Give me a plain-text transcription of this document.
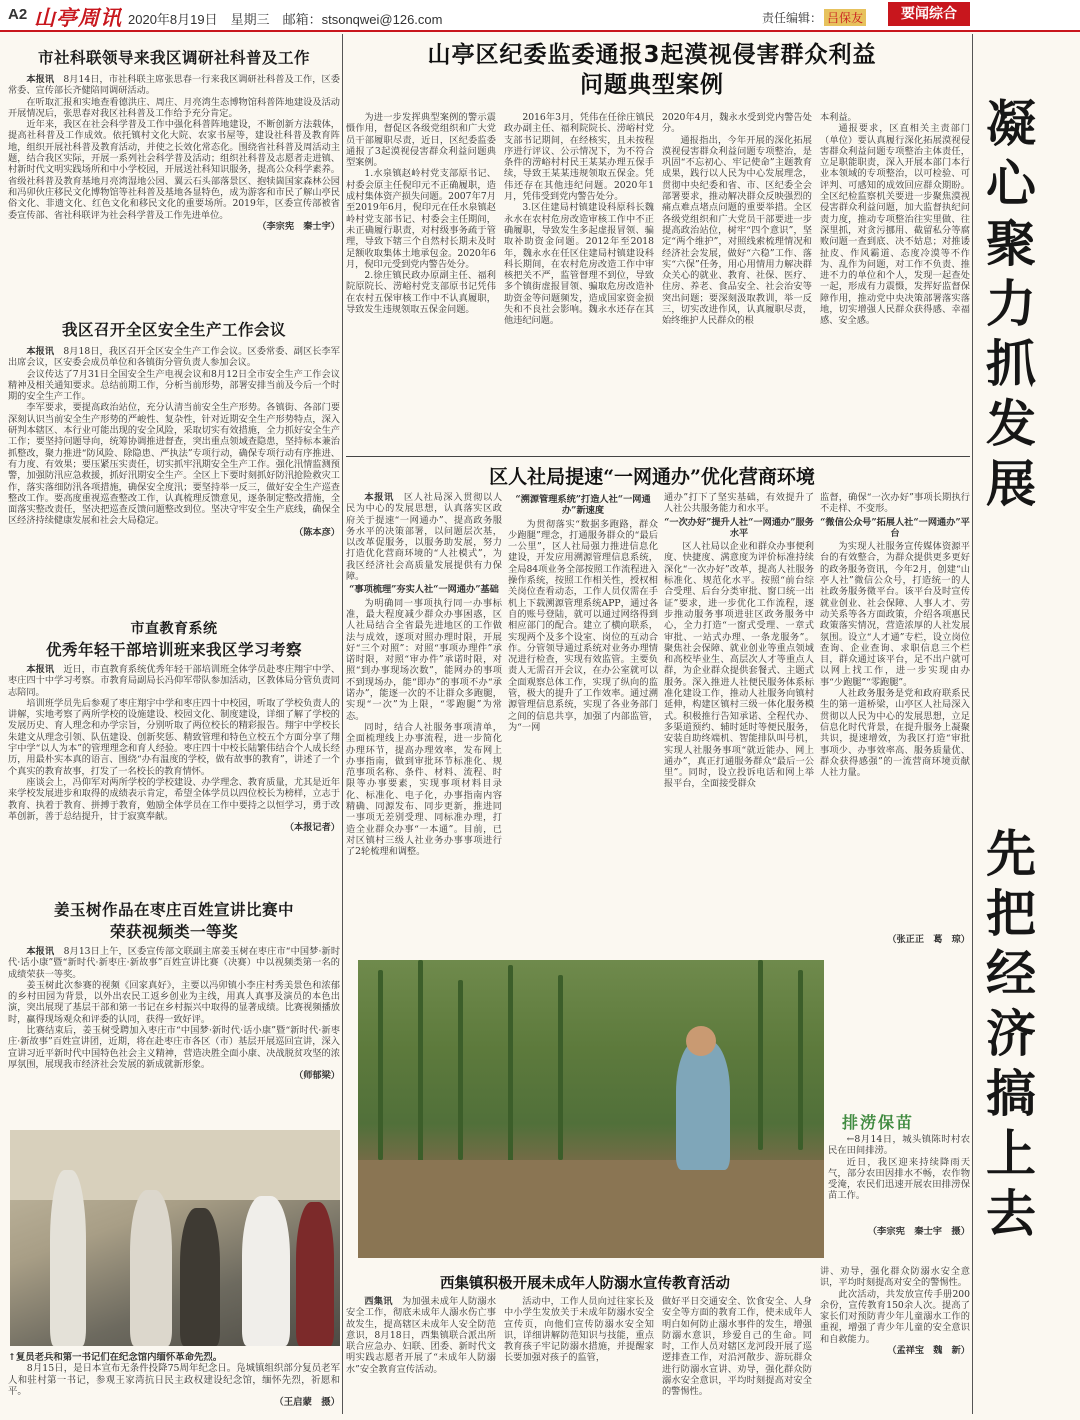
A2 山亭周讯 2020年8月19日　星期三　邮箱：stsonqwei@126.com	责任编辑： 吕保友	要闻综合
市社科联领导来我区调研社科普及工作

本报讯　 8月14日，市社科联主席张思春一行来我区调研社科普及工作，区委常委、宣传部长齐健陪同调研活动。

在听取汇报和实地查看德洪庄、周庄、月亮湾生态博物馆科普阵地建设及活动开展情况后，张思春对我区社科普及工作给予充分肯定。

近年来，我区在社会科学普及工作中强化科普阵地建设，不断创新方法载体，提高社科普及工作成效。依托镇村文化大院、农家书屋等，建设社科普及教育阵地，组织开展社科普及教育活动，并使之长效化常态化。围绕省社科普及周活动主题，结合我区实际，开展一系列社会科学普及活动；组织社科普及志愿者走进镇、村新时代文明实践场所和中小学校园，开展送社科知识服务，提高公众科学素养。省级社科普及教育基地月亮湾湿地公园、翼云石头部落景区、抱犊崮国家森林公园和冯卯伙庄移民文化博物馆等社科普及基地各显特色，成为游客和市民了解山亭民俗文化、非遗文化、红色文化和移民文化的重要场所。2019年，区委宣传部被省委宣传部、省社科联评为社会科学普及工作先进单位。

（李宗宪　秦士宇）

我区召开全区安全生产工作会议

本报讯　 8月18日，我区召开全区安全生产工作会议。区委常委、副区长李军出席会议，区安委会成员单位和各镇街分管负责人参加会议。

会议传达了7月31日全国安全生产电视会议和8月12日全市安全生产工作会议精神及相关通知要求。总结前期工作，分析当前形势，部署安排当前及今后一个时期的安全生产工作。

李军要求，要提高政治站位，充分认清当前安全生产形势。各镇街、各部门要深刻认识当前安全生产形势的严峻性、复杂性，针对近期安全生产形势特点，深入研判本辖区、本行业可能出现的安全风险，采取切实有效措施，全力抓好安全生产工作；要坚持问题导向，统筹协调推进督查，突出重点领域查隐患，坚持标本兼治抓整改，聚力推进“防风险、除隐患、严执法”专项行动，确保专项行动有序推进、有力度、有效果；要压紧压实责任，切实抓牢汛期安全生产工作。强化汛情监测预警，加强防汛应急救援，抓好汛期安全生产。全区上下要时刻抓好防汛抢险救灾工作，落实落细防汛各项措施，确保安全度汛；要坚持举一反三，做好安全生产巡查整改工作。要高度重视巡查整改工作，认真梳理反馈意见，逐条制定整改措施，全面落实整改责任，坚决把巡查反馈问题整改到位。坚决守牢安全生产底线，确保全区经济持续健康发展和社会大局稳定。

（陈本彦）

市直教育系统
优秀年轻干部培训班来我区学习考察

本报讯　 近日，市直教育系统优秀年轻干部培训班全体学员赴枣庄翔宇中学、枣庄四十中学习考察。市教育局副局长冯仰军带队参加活动，区教体局分管负责同志陪同。

培训班学员先后参观了枣庄翔宇中学和枣庄四十中校园，听取了学校负责人的讲解，实地考察了两所学校的设施建设、校园文化、制度建设，详细了解了学校的发展历史、育人理念和办学宗旨，分别听取了两位校长的精彩报告。翔宇中学校长朱建文从理念引领、队伍建设、创新奖惩、精致管理和特色立校五个方面分享了翔宇中学“以人为本”的管理理念和育人经验。枣庄四十中校长陆繁伟结合个人成长经历，用最朴实本真的语言、围绕“办有温度的学校，做有故事的教育”，讲述了一个个真实的教育故事，打发了一名校长的教育情怀。

座谈会上，冯仰军对两所学校的学校建设、办学理念、教育质量，尤其是近年来学校发展进步和取得的成绩表示肯定，希望全体学员以四位校长为榜样，立志于教育、执着于教育、拼搏于教育，勉励全体学员在工作中要持之以恒学习，勇于改革创新，善于总结提升，甘于寂寞奉献。

（本报记者）

姜玉树作品在枣庄百姓宣讲比赛中
荣获视频类一等奖

本报讯　 8月13日上午，区委宣传部文联副主席姜玉树在枣庄市“中国梦·新时代·话小康”暨“新时代·新枣庄·新故事”百姓宣讲比赛（决赛）中以视频类第一名的成绩荣获一等奖。

姜玉树此次参赛的视频《回家真好》，主要以冯卯镇小李庄村秀美景色和浓郁的乡村田园为背景，以外出农民工返乡创业为主线，用真人真事及演员的本色出演，突出展现了基层干部和第一书记在乡村振兴中取得的显著成绩。比赛视频播放时，赢得现场观众和评委的认同，获得一致好评。

比赛结束后，姜玉树受聘加入枣庄市“中国梦·新时代·话小康”暨“新时代·新枣庄·新故事”百姓宣讲团，近期，将在赴枣庄市各区（市）基层开展巡回宣讲，深入宣讲习近平新时代中国特色社会主义精神，营造决胜全面小康、决战脱贫攻坚的浓厚氛围，展现我市经济社会发展的新成就新形象。

（师郁梁）

↑复员老兵和第一书记们在纪念馆内缅怀革命先烈。

8月15日，是日本宣布无条件投降75周年纪念日。凫城镇组织部分复员老军人和驻村第一书记，参观王家湾抗日民主政权建设纪念馆，缅怀先烈，祈愿和平。

（王启蒙　摄）

山亭区纪委监委通报3起漠视侵害群众利益
问题典型案例

为进一步发挥典型案例的警示震慑作用，督促区各级党组织和广大党员干部履职尽责，近日，区纪委监委通报了3起漠视侵害群众利益问题典型案例。

1.水泉镇赵岭村党支部原书记、村委会原主任倪印元不正确履职，造成村集体资产损失问题。2007年7月至2019年6月，倪印元在任水泉镇赵岭村党支部书记、村委会主任期间，未正确履行职责，对村级事务疏于管理，导致下辖三个自然村长期未及时足额收取集体土地承包金。2020年6月，倪印元受到党内警告处分。

2.徐庄镇民政办原副主任、福利院原院长、涝峪村党支部原书记凭伟在农村五保审核工作中不认真履职，导致发生违规领取五保金问题。

2016年3月，凭伟在任徐庄镇民政办副主任、福利院院长、涝峪村党支部书记期间，在经核实，且未按程序进行评议、公示情况下，为不符合条件的涝峪村村民王某某办理五保手续，导致王某某违规领取五保金。凭伟还存在其他违纪问题。2020年1月，凭伟受到党内警告处分。

3.区住建局村镇建设科原科长魏永水在农村危房改造审核工作中不正确履职，导致发生多起虚报冒领、骗取补助资金问题。2012年至2018年，魏永水在任区住建局村镇建设科科长期间，在农村危房改造工作中审核把关不严，监管督理不到位，导致多个镇街虚报冒领、骗取危房改造补助资金等问题频发，造成国家资金损失和不良社会影响。魏永水还存在其他违纪问题。

2020年4月，魏永水受到党内警告处分。

通报指出，今年开展的深化拓展漠视侵害群众利益问题专项整治，是巩固“不忘初心、牢记使命”主题教育成果，践行以人民为中心发展理念，贯彻中央纪委和省、市、区纪委全会部署要求，推动解决群众反映强烈的痛点难点堵点问题的重要举措。全区各级党组织和广大党员干部要进一步提高政治站位，树牢“四个意识”，坚定“两个维护”，对照线索梳理情况和经济社会发展，做好“六稳”工作、落实“六保”任务，用心用情用力解决群众关心的就业、教育、社保、医疗、住房、养老、食品安全、社会治安等突出问题；要深刻汲取教训，举一反三，切实改进作风，认真履职尽责，始终维护人民群众的根

本利益。

通报要求，区直相关主责部门（单位）要认真履行深化拓展漠视侵害群众利益问题专项整治主体责任，立足职能职责，深入开展本部门本行业本领域的专项整治，以可检验、可评判、可感知的成效回应群众期盼。全区纪检监察机关要进一步聚焦漠视侵害群众利益问题，加大监督执纪问责力度，推动专项整治往实里做、往深里抓，对贪污挪用、截留私分等腐败问题一查到底、决不姑息；对推诿扯皮、作风霸道、态度冷漠等不作为、乱作为问题，对工作不负责、推进不力的单位和个人，发现一起查处一起，形成有力震慑，发挥好监督保障作用，推动党中央决策部署落实落地，切实增强人民群众获得感、幸福感、安全感。

区人社局提速“一网通办”优化营商环境

本报讯　 区人社局深入贯彻以人民为中心的发展思想，认真落实区政府关于提速“一网通办”、提高政务服务水平的决策部署，以问题层次基，以改革促服务，以服务助发展，努力打造优化营商环境的“人社模式”，为我区经济社会高质量发展提供有力保障。

“事项梳理”夯实人社“一网通办”基础

为明确同一事项执行同一办事标准，最大程度减少群众办事困惑，区人社局结合全省最先进地区的工作做法与成效，逐项对照办理时限，开展好“三个对照”：对照“事项办理件”承诺时限，对照“审办件”承诺时限，对照“到办事现场次数”，能网办的事项不到现场办，能“即办”的事项不办“承诺办”，能逐一次的不让群众多跑腿，实现“一次”为上限，“零跑腿”为常态。

同时，结合人社服务事项清单，全面梳理线上办事流程，进一步简化办理环节，提高办理效率，发布网上办事指南，做到审批环节标准化、规范事项名称、条件、材料、流程、时限等办事要素，实现事项材料目录化、标准化、电子化，办事指南内容精确、同源发布、同步更新，推进同一事项无差别受理、同标准办理，打造全业群众办事“一本通”。目前，已对区镇村三级人社业务办事事项进行了2轮梳理和调整。

“溯源管理系统”打造人社“一网通办”新速度

为贯彻落实“数据多跑路，群众少跑腿”理念，打通服务群众的“最后一公里”，区人社局强力推进信息化建设，开发应用溯源管理信息系统，全局84项业务全部按照工作流程进入操作系统，按照工作相关性，授权相关岗位查看动态，工作人员仅需在手机上下载溯源管理系统APP，通过各自的账号登陆，就可以通过网络得到相应部门的配合。建立了横向联系，实现两个及多个设室、岗位的互动合作。分管领导通过系统对业务办理情况进行检查，实现有效监管。主要负责人无需召开会议，在办公室就可以全面观察总体工作，实现了纵向的监管，极大的提升了工作效率。通过溯源管理信息系统，实现了各业务部门之间的信息共享，加强了内部监管，为“一网

通办”打下了坚实基础，有效提升了人社公共服务能力和水平。

“一次办好”提升人社“一网通办”服务水平

区人社局以企业和群众办事便利度、快捷度、满意度为评价标准持续深化“一次办好”改革，提高人社服务标准化、规范化水平。按照“前台综合受理、后台分类审批、窗口统一出证”要求，进一步优化工作流程，逐步推动服务事项进驻区政务服务中心，全力打造“一窗式受理、一章式审批、一站式办理、一条龙服务”。聚焦社会保障、就业创业等重点领域和高校毕业生、高层次人才等重点人群，为企业群众提供套餐式、主题式服务。深入推进人社便民服务体系标准化建设工作，推动人社服务向镇村延伸，构建区镇村三级一体化服务模式。积极推行告知承诺、全程代办、多渠道预约、辅时延时等便民服务，安装自助终端机、智能排队叫号机，实现人社服务事项“就近能办、网上通办”，真正打通服务群众“最后一公里”。同时，设立投诉电话和网上举报平台，全面接受群众

监督，确保“一次办好”事项长期执行不走样、不变形。

“微信公众号”拓展人社“一网通办”平台

为实现人社服务宣传媒体资源平台的有效整合，为群众提供更多更好的政务服务资讯，今年2月，创建“山亭人社”微信公众号，打造统一的人社政务服务微平台。该平台及时宣传就业创业、社会保障、人事人才、劳动关系等各方面政策，介绍各项惠民政策落实情况，营造浓厚的人社发展氛围。设立“人才通”专栏，设立岗位查询、企业查询、求职信息三个栏目，群众通过该平台，足不出户就可以网上找工作，进一步实现由办事“少跑腿”“零跑腿”。

人社政务服务是党和政府联系民生的第一道桥梁，山亭区人社局深入贯彻以人民为中心的发展思想，立足信息化时代背景，在提升服务上凝聚共识，提速增效，为我区打造“审批事项少、办事效率高、服务质量优、群众获得感强”的一流营商环境贡献人社力量。

（张正正　葛　琼）

排涝保苗

←8月14日，城头镇陈时村农民在田间排涝。

近日，我区迎来持续降雨天气，部分农田因排水不畅，农作物受淹，农民们迅速开展农田排涝保苗工作。

（李宗宪　秦士宇　摄）

西集镇积极开展未成年人防溺水宣传教育活动

西集讯　 为加强未成年人防溺水安全工作，彻底未成年人溺水伤亡事故发生，提高辖区未成年人安全防范意识，8月18日，西集镇联合派出所联合应急办、妇联、团委、新时代文明实践志愿者开展了“未成年人防溺水”安全教育宣传活动。

活动中，工作人员向过往家长及中小学生发放关于未成年防溺水安全宣传页，向他们宣传防溺水安全知识，详细讲解防范知识与技能，重点教育孩子牢记防溺水措施，并提醒家长要加强对孩子的监管，

做好平日交通安全、饮食安全、人身安全等方面的教育工作，使未成年人明白如何防止溺水事件的发生，增强防溺水意识，珍爱自己的生命。同时，工作人员对辖区龙河段开展了巡逻排查工作，对沿河散步、游玩群众进行防溺水宣讲、劝导，强化群众防溺水安全意识，平均时刻提高对安全的警惕性。

讲、劝导，强化群众防溺水安全意识，平均时刻提高对安全的警惕性。

此次活动，共发放宣传手册200余份，宣传教育150余人次。提高了家长们对预防青少年儿童溺水工作的重视，增强了青少年儿童的安全意识和自救能力。

（孟祥宝　魏　新）

凝心聚力抓发展
先把经济搞上去
